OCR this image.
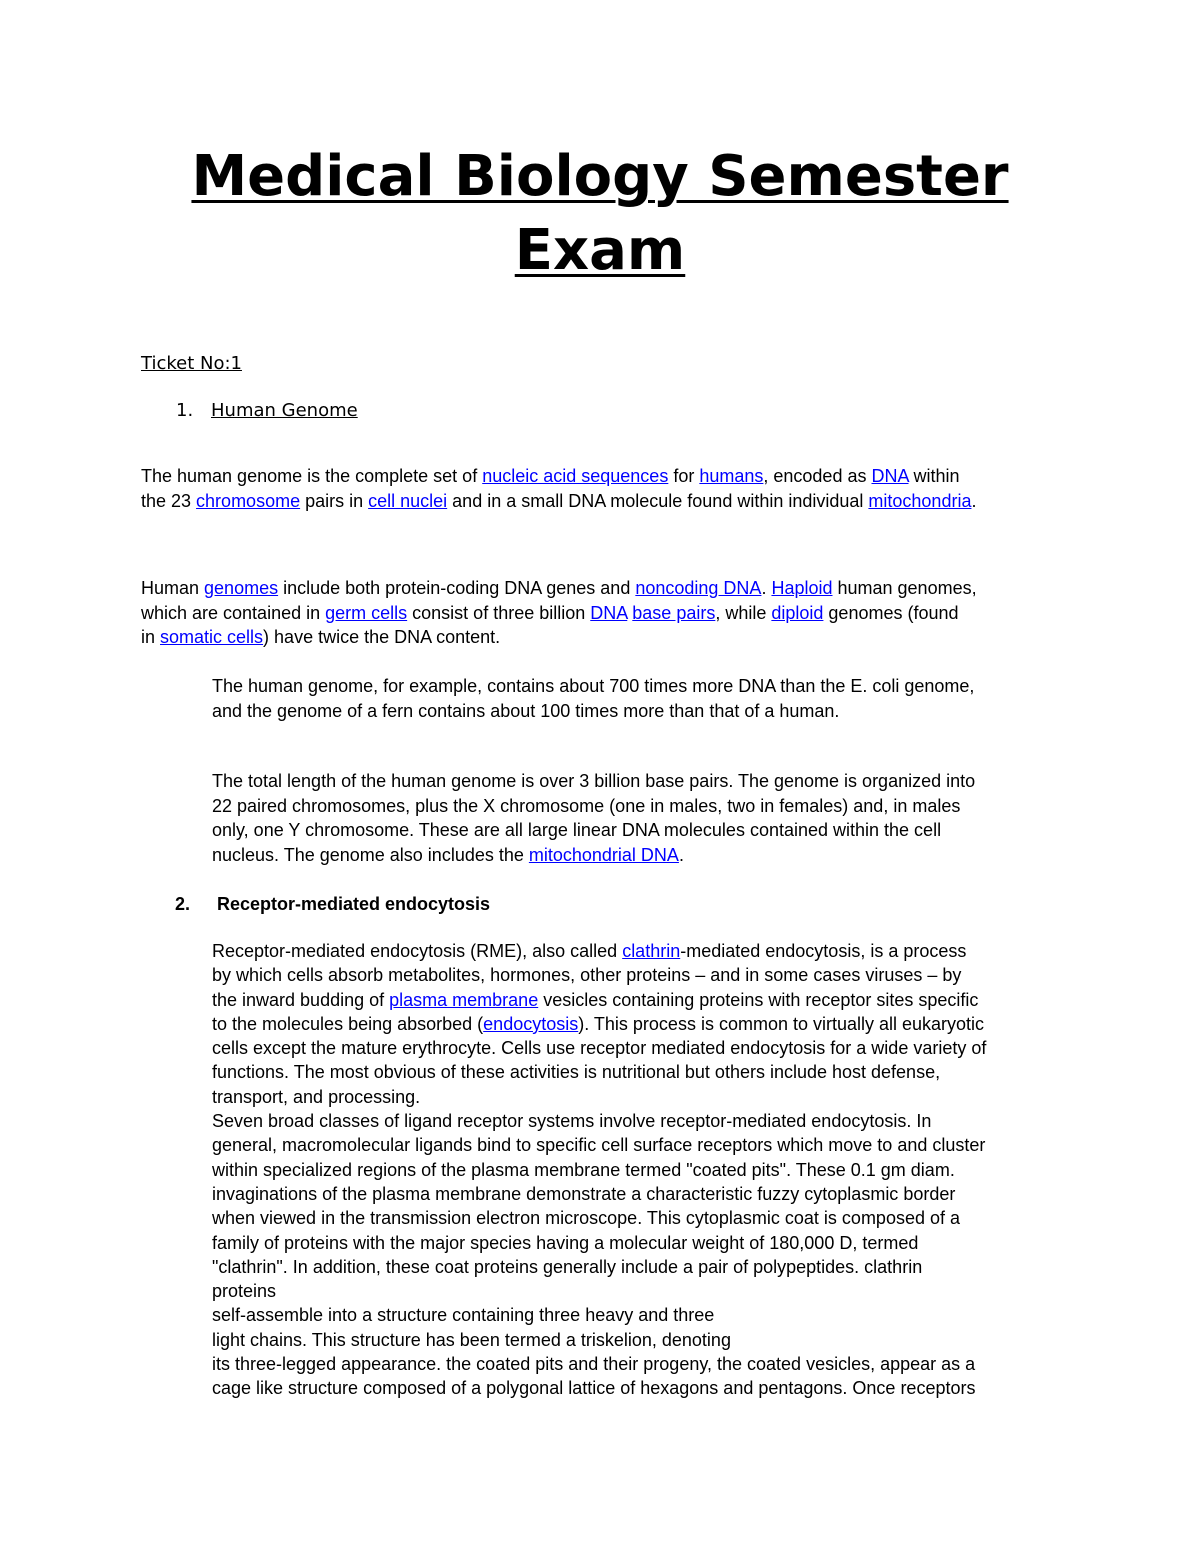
Medical Biology Semester
Exam
Ticket No:1
1. Human Genome

The human genome is the complete set of nucleic acid sequences for humans, encoded as DNA within
the 23 chromosome pairs in cell nuclei and in a small DNA molecule found within individual mitochondria.

Human genomes include both protein-coding DNA genes and noncoding DNA. Haploid human genomes,
which are contained in germ cells consist of three billion DNA base pairs, while diploid genomes (found
in somatic cells) have twice the DNA content.

The human genome, for example, contains about 700 times more DNA than the E. coli genome,
and the genome of a fern contains about 100 times more than that of a human.

The total length of the human genome is over 3 billion base pairs. The genome is organized into
22 paired chromosomes, plus the X chromosome (one in males, two in females) and, in males
only, one Y chromosome. These are all large linear DNA molecules contained within the cell
nucleus. The genome also includes the mitochondrial DNA.

2. Receptor-mediated endocytosis

Receptor-mediated endocytosis (RME), also called clathrin-mediated endocytosis, is a process
by which cells absorb metabolites, hormones, other proteins – and in some cases viruses – by
the inward budding of plasma membrane vesicles containing proteins with receptor sites specific
to the molecules being absorbed (endocytosis). This process is common to virtually all eukaryotic
cells except the mature erythrocyte. Cells use receptor mediated endocytosis for a wide variety of
functions. The most obvious of these activities is nutritional but others include host defense,
transport, and processing.
Seven broad classes of ligand receptor systems involve receptor-mediated endocytosis. In
general, macromolecular ligands bind to specific cell surface receptors which move to and cluster
within specialized regions of the plasma membrane termed "coated pits". These 0.1 gm diam.
invaginations of the plasma membrane demonstrate a characteristic fuzzy cytoplasmic border
when viewed in the transmission electron microscope. This cytoplasmic coat is composed of a
family of proteins with the major species having a molecular weight of 180,000 D, termed
"clathrin". In addition, these coat proteins generally include a pair of polypeptides. clathrin
proteins
self-assemble into a structure containing three heavy and three
light chains. This structure has been termed a triskelion, denoting
its three-legged appearance. the coated pits and their progeny, the coated vesicles, appear as a
cage like structure composed of a polygonal lattice of hexagons and pentagons. Once receptors
